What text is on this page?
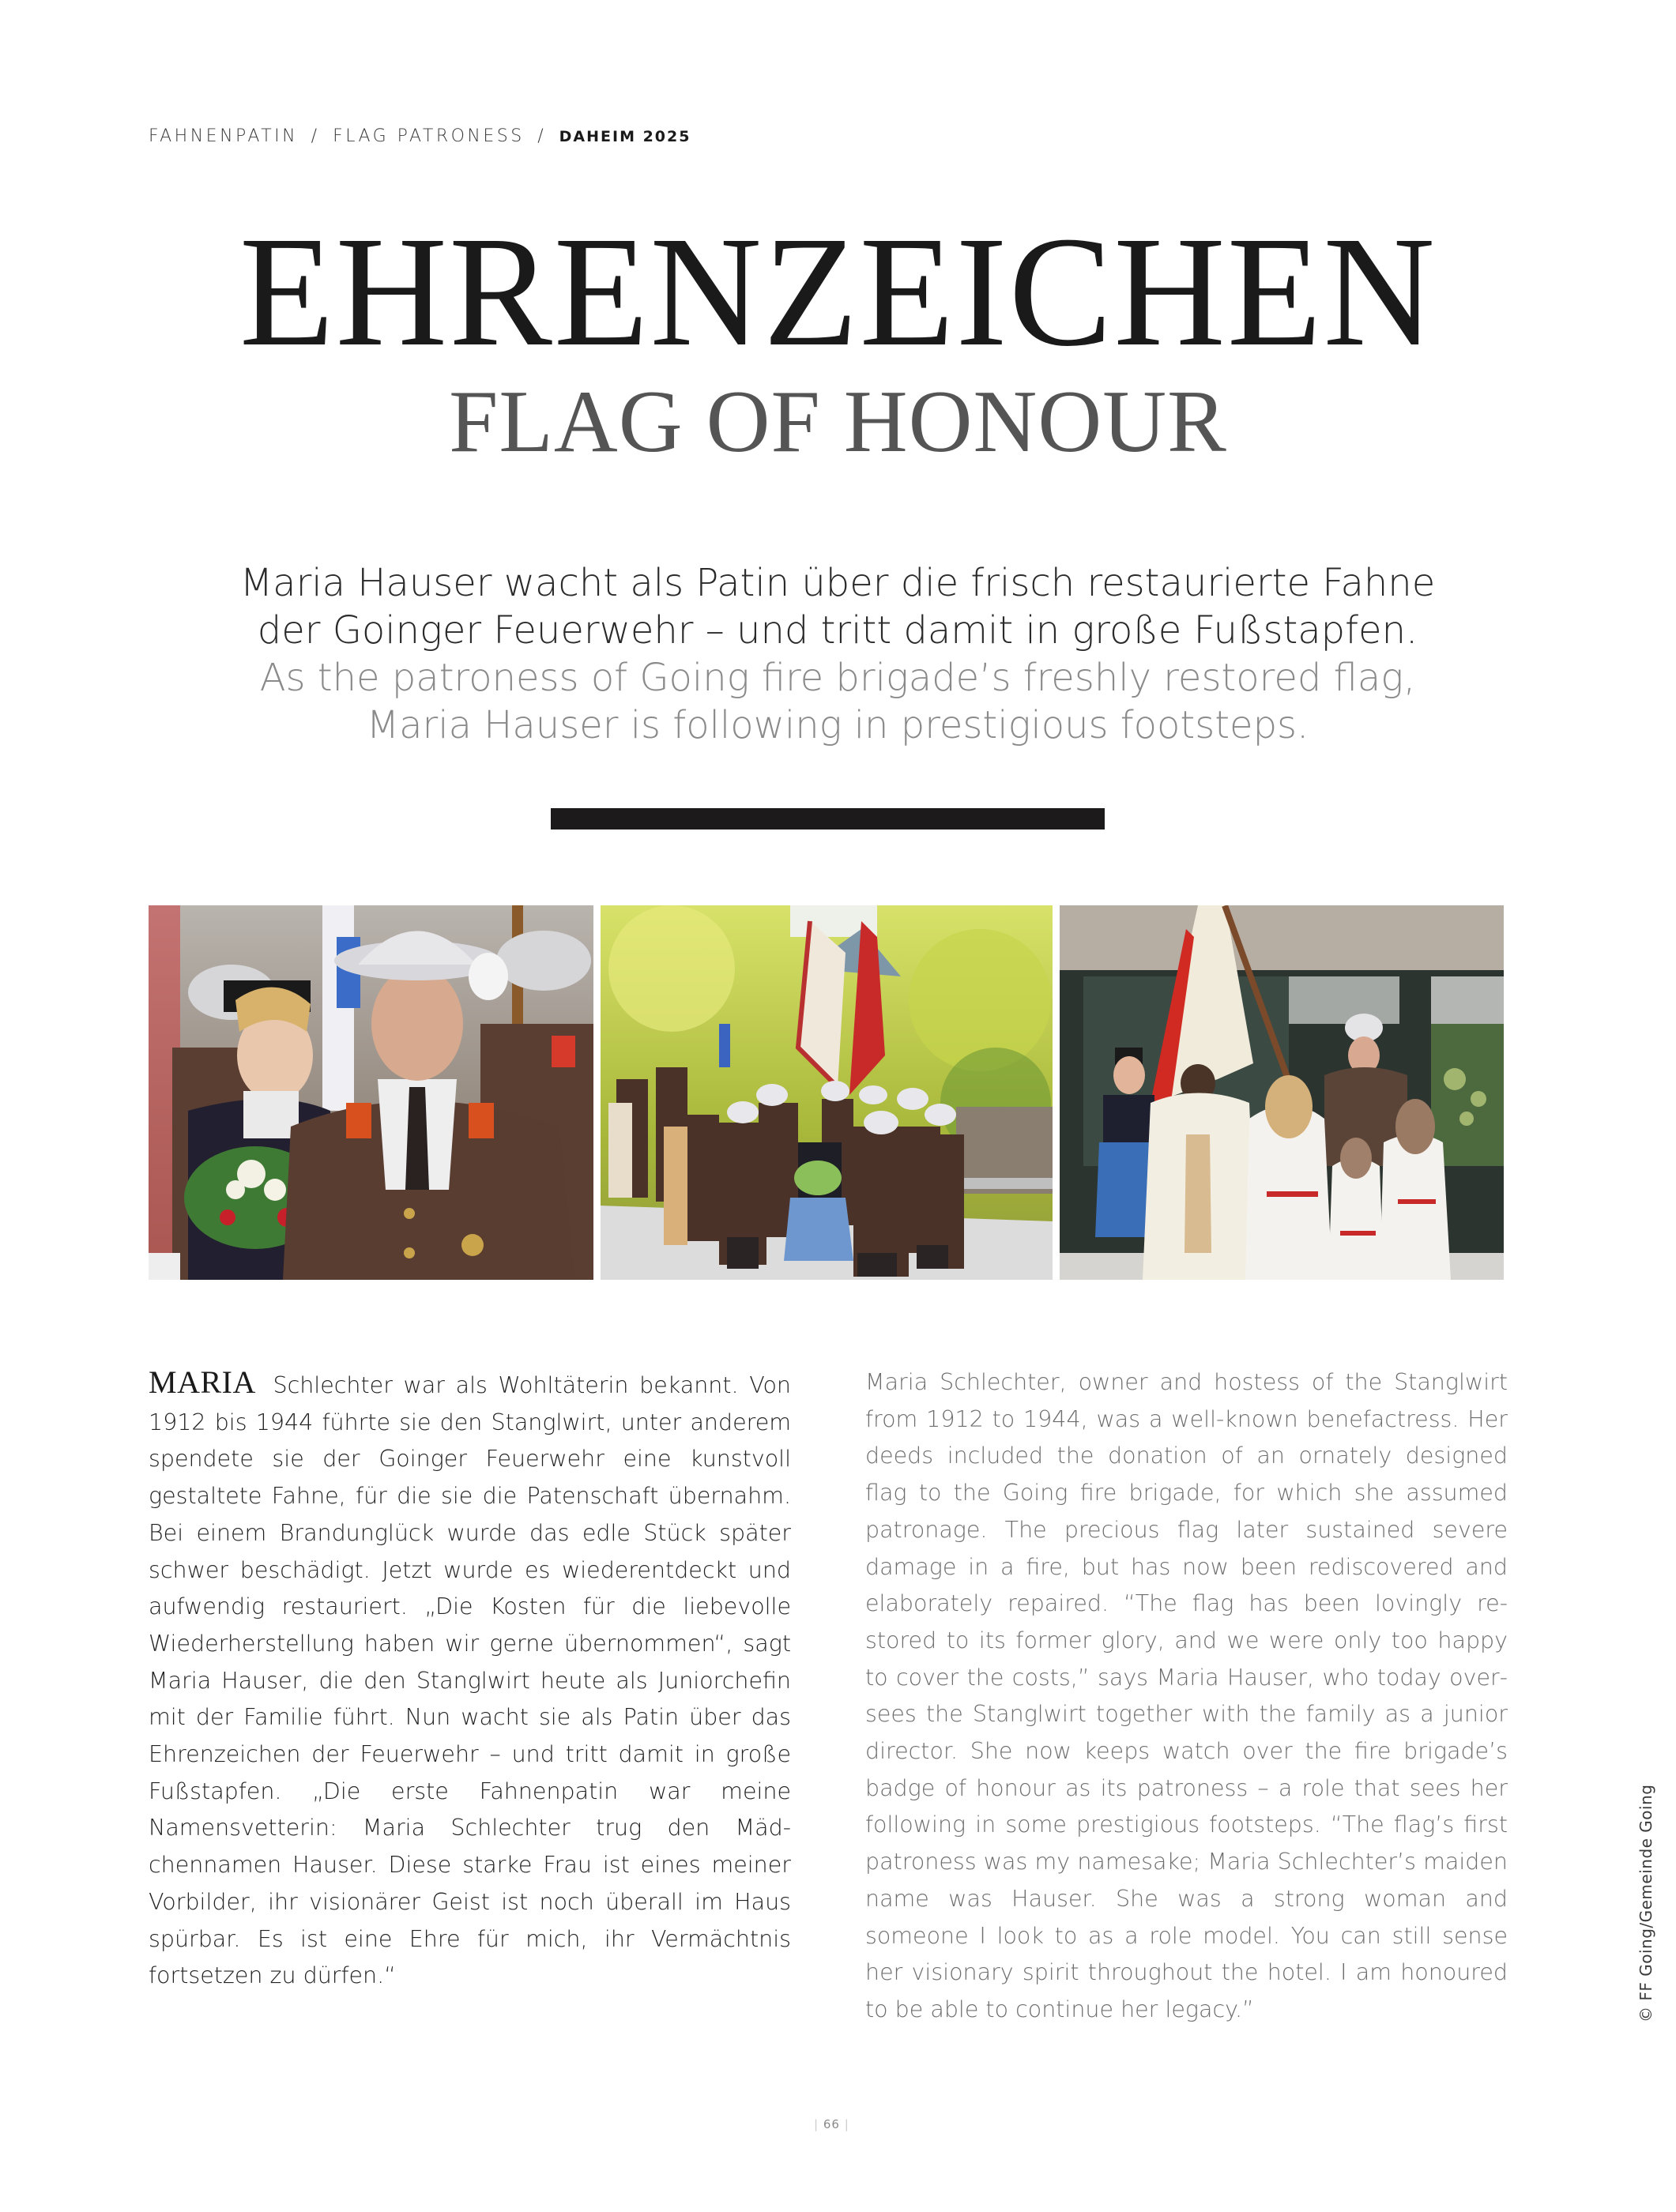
FAHNENPATIN / FLAG PATRONESS / DAHEIM 2025
EHRENZEICHEN
FLAG OF HONOUR
Maria Hauser wacht als Patin über die frisch restaurierte Fahne
der Goinger Feuerwehr – und tritt damit in große Fußstapfen.
As the patroness of Going fire brigade’s freshly restored flag,
Maria Hauser is following in prestigious footsteps.

MARIA Schlechter war als Wohltäterin bekannt. Von 1912 bis 1944 führte sie den Stanglwirt, unter anderem spendete sie der Goinger Feuerwehr eine kunstvoll gestaltete Fahne, für die sie die Patenschaft übernahm. Bei einem Brandunglück wurde das edle Stück später schwer beschädigt. Jetzt wurde es wiederentdeckt und aufwendig restauriert. „Die Kosten für die liebevolle Wiederherstellung haben wir gerne übernommen“, sagt Maria Hauser, die den Stanglwirt heute als Juniorchefin mit der Familie führt. Nun wacht sie als Patin über das Ehrenzeichen der Feuerwehr – und tritt damit in große Fußstapfen. „Die erste Fahnenpatin war meine Namensvetterin: Maria Schlechter trug den Mädchennamen Hauser. Diese starke Frau ist eines meiner Vorbilder, ihr visionärer Geist ist noch überall im Haus spürbar. Es ist eine Ehre für mich, ihr Vermächtnis fortsetzen zu dürfen.“

Maria Schlechter, owner and hostess of the Stanglwirt from 1912 to 1944, was a well-known benefactress. Her deeds included the donation of an ornately designed flag to the Going fire brigade, for which she assumed patronage. The precious flag later sustained severe damage in a fire, but has now been rediscovered and elaborately repaired. “The flag has been lovingly restored to its former glory, and we were only too happy to cover the costs,” says Maria Hauser, who today oversees the Stanglwirt together with the family as a junior director. She now keeps watch over the fire brigade’s badge of honour as its patroness – a role that sees her following in some prestigious footsteps. “The flag’s first patroness was my namesake; Maria Schlechter’s maiden name was Hauser. She was a strong woman and someone I look to as a role model. You can still sense her visionary spirit throughout the hotel. I am honoured to be able to continue her legacy.”

| 66 |
© FF Going/Gemeinde Going
